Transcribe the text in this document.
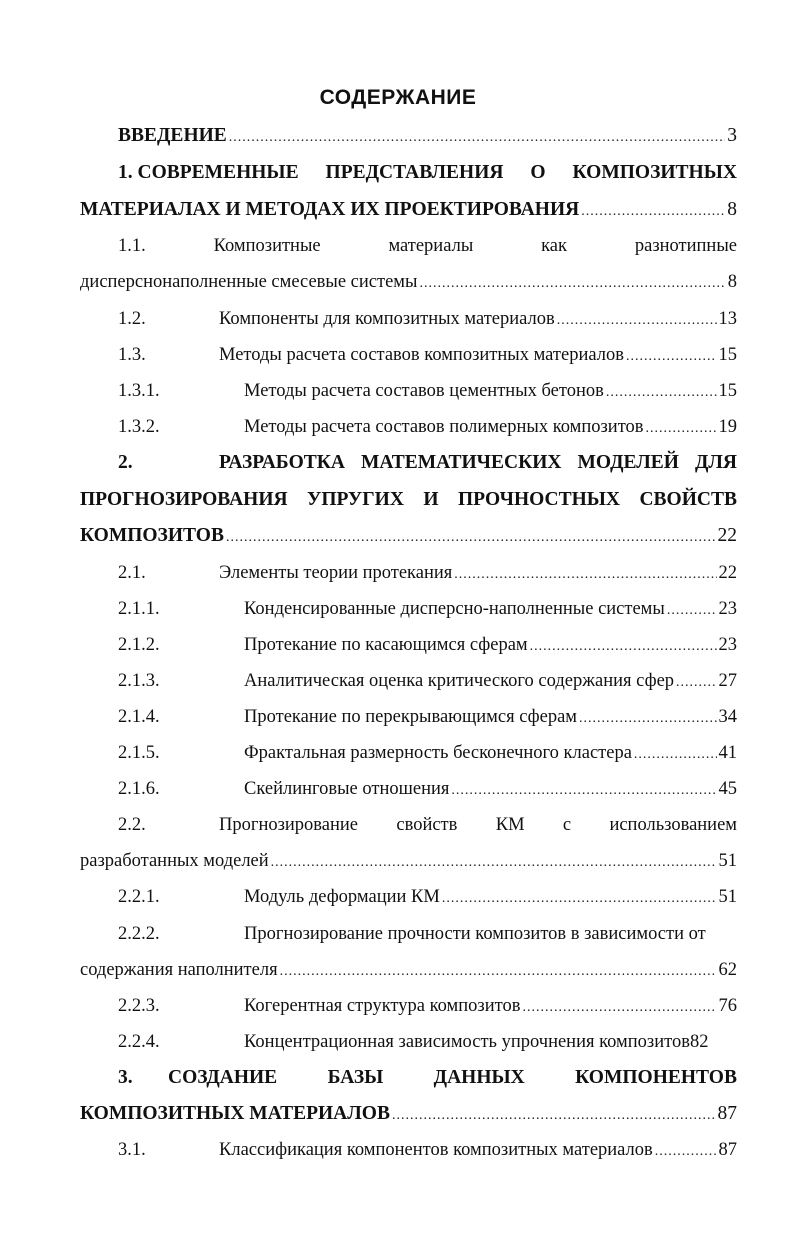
СОДЕРЖАНИЕ
ВВЕДЕНИЕ .....	3
1. СОВРЕМЕННЫЕ ПРЕДСТАВЛЕНИЯ О КОМПОЗИТНЫХ
МАТЕРИАЛАХ И МЕТОДАХ ИХ ПРОЕКТИРОВАНИЯ .....	8
1.1.	Композитные	материалы	как	разнотипные
дисперснонаполненные смесевые системы .....	8
1.2.	Компоненты для композитных материалов .....	13
1.3.	Методы расчета составов композитных материалов .....	15
1.3.1.	Методы расчета составов цементных бетонов .....	15
1.3.2.	Методы расчета составов полимерных композитов .....	19
2.	РАЗРАБОТКА МАТЕМАТИЧЕСКИХ МОДЕЛЕЙ ДЛЯ
ПРОГНОЗИРОВАНИЯ УПРУГИХ И ПРОЧНОСТНЫХ СВОЙСТВ
КОМПОЗИТОВ .....	22
2.1.	Элементы теории протекания .....	22
2.1.1.	Конденсированные дисперсно-наполненные системы .....	23
2.1.2.	Протекание по касающимся сферам .....	23
2.1.3.	Аналитическая оценка критического содержания сфер ..... 27
2.1.4.	Протекание по перекрывающимся сферам .....	34
2.1.5.	Фрактальная размерность бесконечного кластера .....	41
2.1.6.	Скейлинговые отношения .....	45
2.2.	Прогнозирование свойств КМ с использованием
разработанных моделей .....	51
2.2.1.	Модуль деформации КМ .....	51
2.2.2.	Прогнозирование прочности композитов в зависимости от
содержания наполнителя .....	62
2.2.3.	Когерентная структура композитов .....	76
2.2.4.	Концентрационная зависимость упрочнения композитов82
3. СОЗДАНИЕ	БАЗЫ	ДАННЫХ	КОМПОНЕНТОВ
КОМПОЗИТНЫХ МАТЕРИАЛОВ .....	87
3.1.	Классификация компонентов композитных материалов .....	87
